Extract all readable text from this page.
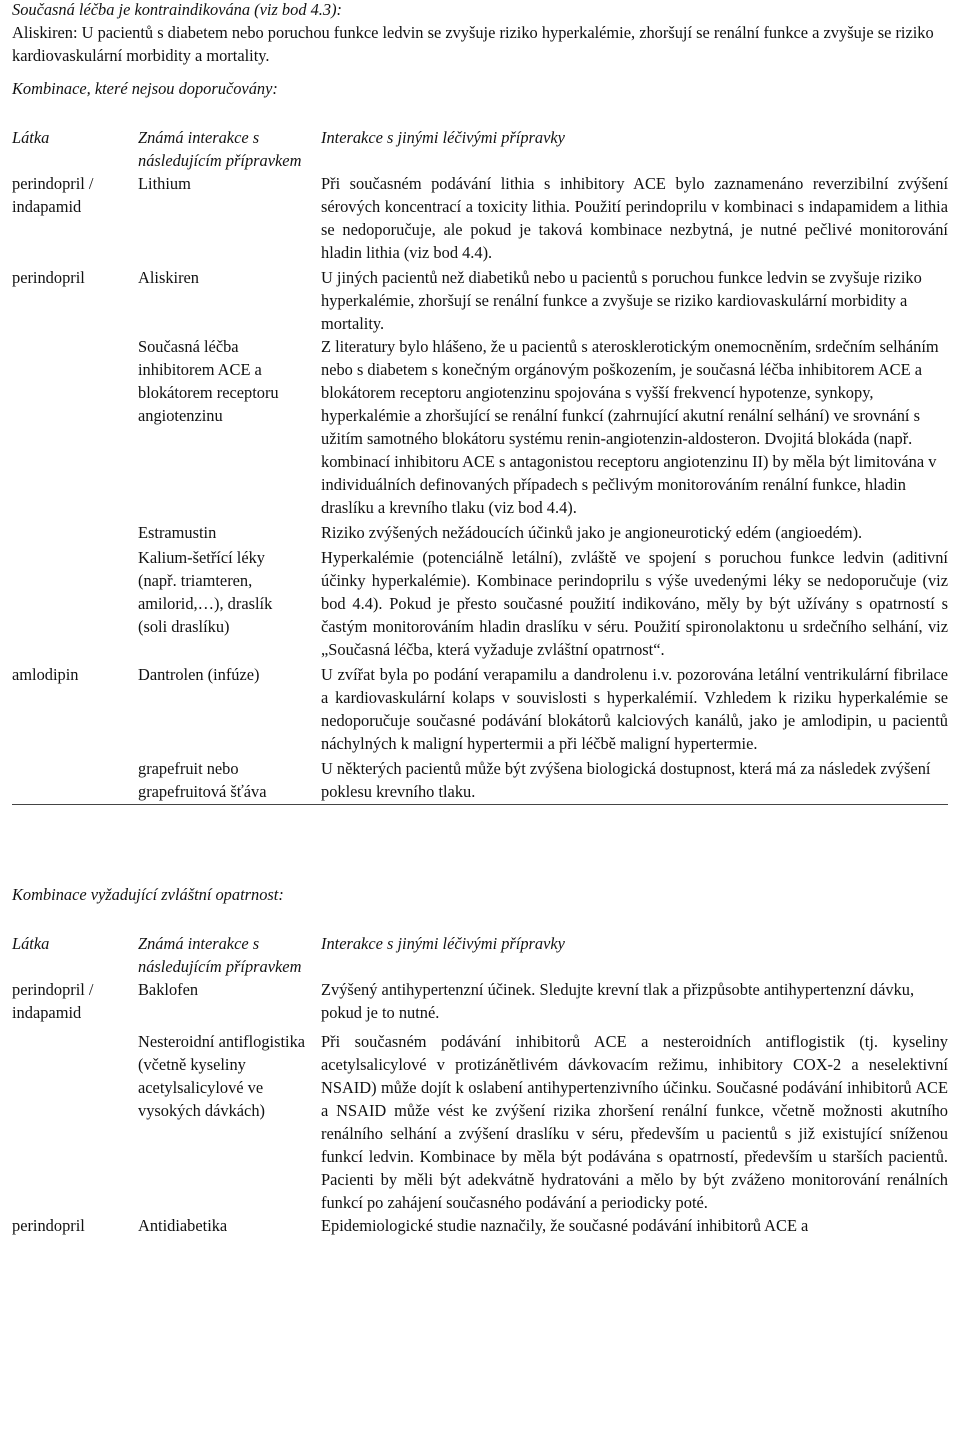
Současná léčba je kontraindikována (viz bod 4.3):
Aliskiren: U pacientů s diabetem nebo poruchou funkce ledvin se zvyšuje riziko hyperkalémie, zhoršují se renální funkce a zvyšuje se riziko kardiovaskulární morbidity a mortality.

Kombinace, které nejsou doporučovány:

Látka	Známá interakce s následujícím přípravkem	Interakce s jinými léčivými přípravky
perindopril / indapamid	Lithium	Při současném podávání lithia s inhibitory ACE bylo zaznamenáno reverzibilní zvýšení sérových koncentrací a toxicity lithia. Použití perindoprilu v kombinaci s indapamidem a lithia se nedoporučuje, ale pokud je taková kombinace nezbytná, je nutné pečlivé monitorování hladin lithia (viz bod 4.4).
perindopril	Aliskiren	U jiných pacientů než diabetiků nebo u pacientů s poruchou funkce ledvin se zvyšuje riziko hyperkalémie, zhoršují se renální funkce a zvyšuje se riziko kardiovaskulární morbidity a mortality.
	Současná léčba inhibitorem ACE a blokátorem receptoru angiotenzinu	Z literatury bylo hlášeno, že u pacientů s aterosklerotickým onemocněním, srdečním selháním nebo s diabetem s konečným orgánovým poškozením, je současná léčba inhibitorem ACE a blokátorem receptoru angiotenzinu spojována s vyšší frekvencí hypotenze, synkopy, hyperkalémie a zhoršující se renální funkcí (zahrnující akutní renální selhání) ve srovnání s užitím samotného blokátoru systému renin-angiotenzin-aldosteron. Dvojitá blokáda (např. kombinací inhibitoru ACE s antagonistou receptoru angiotenzinu II) by měla být limitována v individuálních definovaných případech s pečlivým monitorováním renální funkce, hladin draslíku a krevního tlaku (viz bod 4.4).
	Estramustin	Riziko zvýšených nežádoucích účinků jako je angioneurotický edém (angioedém).
	Kalium-šetřící léky (např. triamteren, amilorid,…), draslík (soli draslíku)	Hyperkalémie (potenciálně letální), zvláště ve spojení s poruchou funkce ledvin (aditivní účinky hyperkalémie). Kombinace perindoprilu s výše uvedenými léky se nedoporučuje (viz bod 4.4). Pokud je přesto současné použití indikováno, měly by být užívány s opatrností s častým monitorováním hladin draslíku v séru. Použití spironolaktonu u srdečního selhání, viz „Současná léčba, která vyžaduje zvláštní opatrnost“.
amlodipin	Dantrolen (infúze)	U zvířat byla po podání verapamilu a dandrolenu i.v. pozorována letální ventrikulární fibrilace a kardiovaskulární kolaps v souvislosti s hyperkalémií. Vzhledem k riziku hyperkalémie se nedoporučuje současné podávání blokátorů kalciových kanálů, jako je amlodipin, u pacientů náchylných k maligní hypertermii a při léčbě maligní hypertermie.
	grapefruit nebo grapefruitová šťáva	U některých pacientů může být zvýšena biologická dostupnost, která má za následek zvýšení poklesu krevního tlaku.

Kombinace vyžadující zvláštní opatrnost:

Látka	Známá interakce s následujícím přípravkem	Interakce s jinými léčivými přípravky
perindopril / indapamid	Baklofen	Zvýšený antihypertenzní účinek. Sledujte krevní tlak a přizpůsobte antihypertenzní dávku, pokud je to nutné.
	Nesteroidní antiflogistika (včetně kyseliny acetylsalicylové ve vysokých dávkách)	Při současném podávání inhibitorů ACE a nesteroidních antiflogistik (tj. kyseliny acetylsalicylové v protizánětlivém dávkovacím režimu, inhibitory COX-2 a neselektivní NSAID) může dojít k oslabení antihypertenzivního účinku. Současné podávání inhibitorů ACE a NSAID může vést ke zvýšení rizika zhoršení renální funkce, včetně možnosti akutního renálního selhání a zvýšení draslíku v séru, především u pacientů s již existující sníženou funkcí ledvin. Kombinace by měla být podávána s opatrností, především u starších pacientů. Pacienti by měli být adekvátně hydratováni a mělo by být zváženo monitorování renálních funkcí po zahájení současného podávání a periodicky poté.
perindopril	Antidiabetika	Epidemiologické studie naznačily, že současné podávání inhibitorů ACE a
